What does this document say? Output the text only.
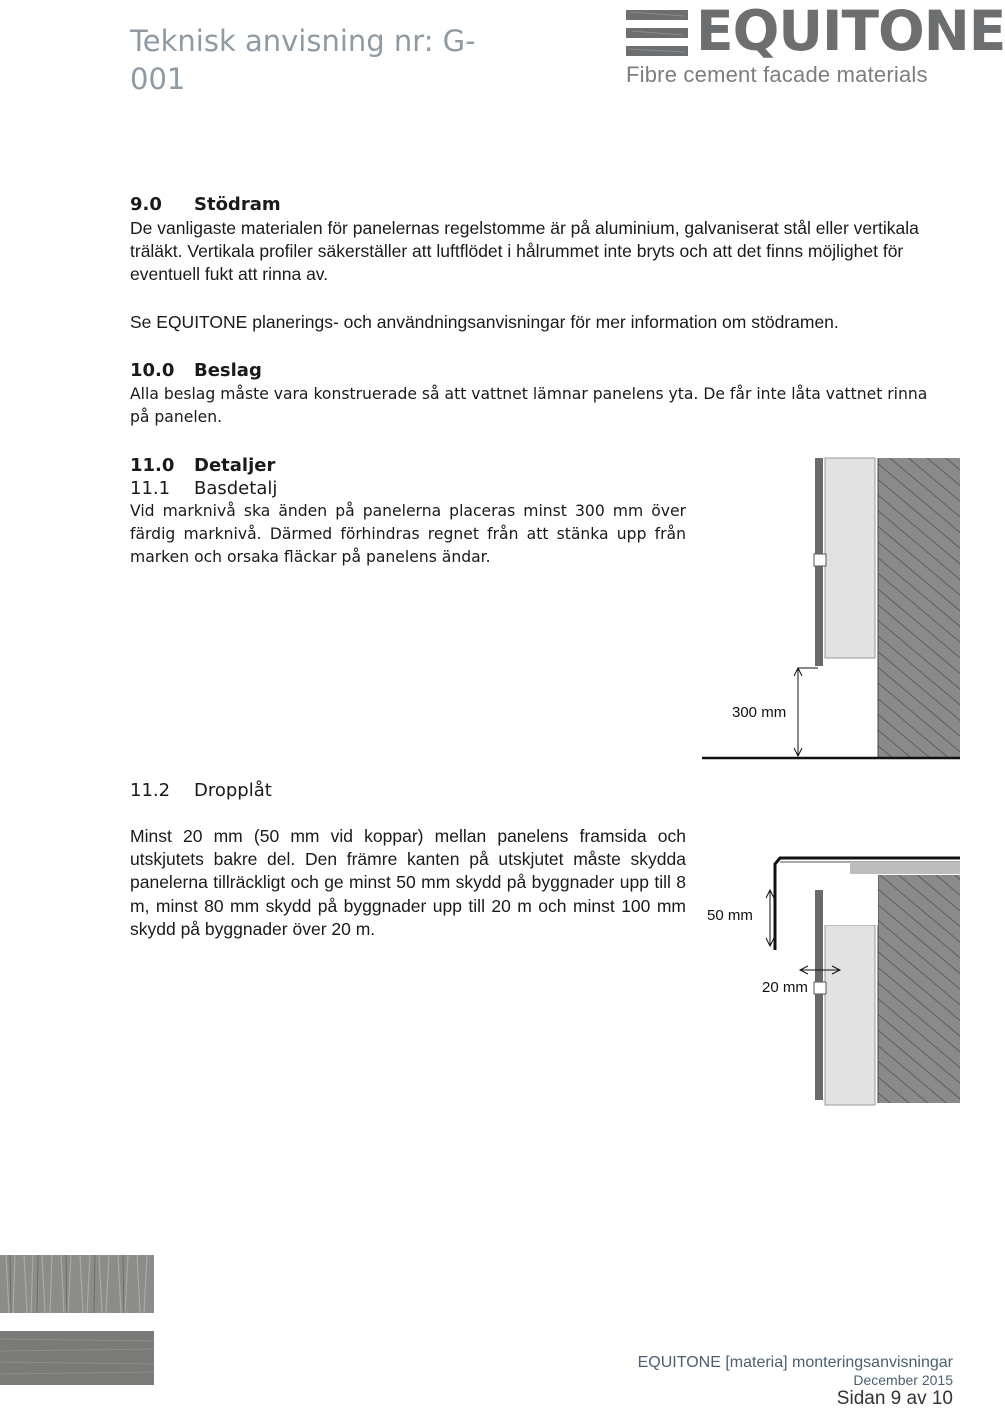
Teknisk anvisning nr: G-001
EQUITONE
Fibre cement facade materials
9.0 Stödram
De vanligaste materialen för panelernas regelstomme är på aluminium, galvaniserat stål eller vertikala träläkt. Vertikala profiler säkerställer att luftflödet i hålrummet inte bryts och att det finns möjlighet för eventuell fukt att rinna av.
Se EQUITONE planerings- och användningsanvisningar för mer information om stödramen.
10.0 Beslag
Alla beslag måste vara konstruerade så att vattnet lämnar panelens yta. De får inte låta vattnet rinna på panelen.
11.0 Detaljer
11.1 Basdetalj
Vid marknivå ska änden på panelerna placeras minst 300 mm över färdig marknivå. Därmed förhindras regnet från att stänka upp från marken och orsaka fläckar på panelens ändar.
300 mm
11.2 Dropplåt
Minst 20 mm (50 mm vid koppar) mellan panelens framsida och utskjutets bakre del. Den främre kanten på utskjutet måste skydda panelerna tillräckligt och ge minst 50 mm skydd på byggnader upp till 8 m, minst 80 mm skydd på byggnader upp till 20 m och minst 100 mm skydd på byggnader över 20 m.
50 mm
20 mm
EQUITONE [materia] monteringsanvisningar
December 2015
Sidan 9 av 10
